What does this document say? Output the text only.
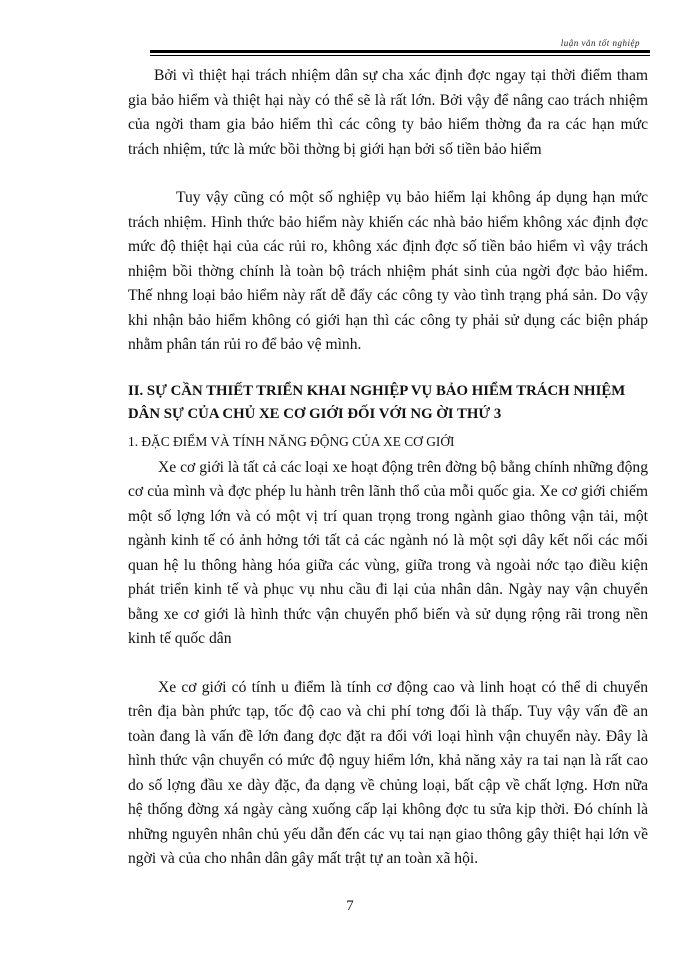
luận văn tốt nghiệp

Bởi vì thiệt hại trách nhiệm dân sự cha xác định đợc ngay tại thời điểm tham gia bảo hiểm và thiệt hại này có thể sẽ là rất lớn. Bởi vậy để nâng cao trách nhiệm của ngời tham gia bảo hiểm thì các công ty bảo hiểm thờng đa ra các hạn mức trách nhiệm, tức là mức bồi thờng bị giới hạn bởi số tiền bảo hiểm

Tuy vậy cũng có một số nghiệp vụ bảo hiểm lại không áp dụng hạn mức trách nhiệm. Hình thức bảo hiểm này khiến các nhà bảo hiểm không xác định đợc mức độ thiệt hại của các rủi ro, không xác định đợc số tiền bảo hiểm vì vậy trách nhiệm bồi thờng chính là toàn bộ trách nhiệm phát sinh của ngời đợc bảo hiểm. Thế nhng loại bảo hiểm này rất dễ đẩy các công ty vào tình trạng phá sản. Do vậy khi nhận bảo hiểm không có giới hạn thì các công ty phải sử dụng các biện pháp nhằm phân tán rủi ro để bảo vệ mình.

II. SỰ CẦN THIẾT TRIỂN KHAI NGHIỆP VỤ BẢO HIỂM TRÁCH NHIỆM DÂN SỰ CỦA CHỦ XE CƠ GIỚI ĐỐI VỚI NG ỜI THỨ 3

1. ĐẶC ĐIỂM VÀ TÍNH NĂNG ĐỘNG CỦA XE CƠ GIỚI

Xe cơ giới là tất cả các loại xe hoạt động trên đờng bộ bằng chính những động cơ của mình và đợc phép lu hành trên lãnh thổ của mỗi quốc gia. Xe cơ giới chiếm một số lợng lớn và có một vị trí quan trọng trong ngành giao thông vận tải, một ngành kinh tế có ảnh hởng tới tất cả các ngành nó là một sợi dây kết nối các mối quan hệ lu thông hàng hóa giữa các vùng, giữa trong và ngoài nớc tạo điều kiện phát triển kinh tế và phục vụ nhu cầu đi lại của nhân dân. Ngày nay vận chuyển bằng xe cơ giới là hình thức vận chuyển phổ biến và sử dụng rộng rãi trong nền kinh tế quốc dân

Xe cơ giới có tính u điểm là tính cơ động cao và linh hoạt có thể di chuyển trên địa bàn phức tạp, tốc độ cao và chi phí tơng đối là thấp. Tuy vậy vấn đề an toàn đang là vấn đề lớn đang đợc đặt ra đối với loại hình vận chuyển này. Đây là hình thức vận chuyển có mức độ nguy hiểm lớn, khả năng xảy ra tai nạn là rất cao do số lợng đầu xe dày đặc, đa dạng về chủng loại, bất cập về chất lợng. Hơn nữa hệ thống đờng xá ngày càng xuống cấp lại không đợc tu sửa kịp thời. Đó chính là những nguyên nhân chủ yếu dẫn đến các vụ tai nạn giao thông gây thiệt hại lớn về ngời và của cho nhân dân gây mất trật tự an toàn xã hội.

7
